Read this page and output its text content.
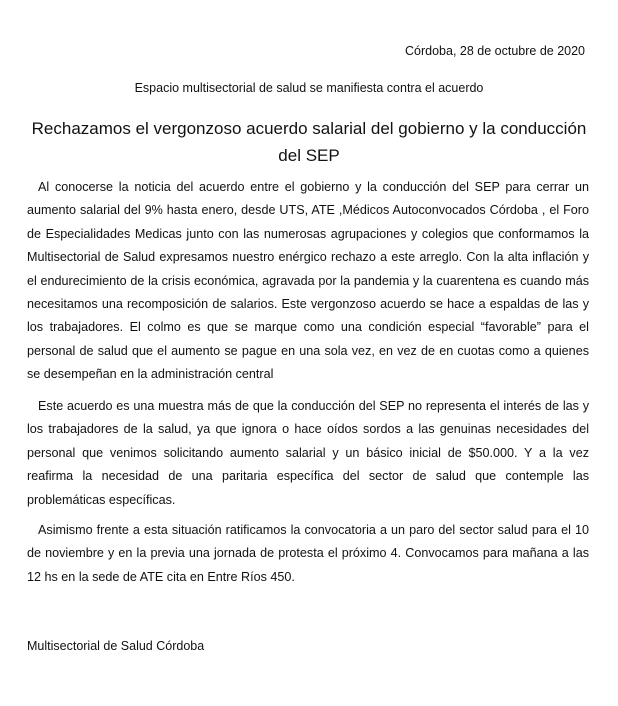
Córdoba, 28 de octubre de 2020
Espacio multisectorial de salud se manifiesta contra el acuerdo
Rechazamos el vergonzoso acuerdo salarial del gobierno y la conducción del SEP

Al conocerse la noticia del acuerdo entre el gobierno y la conducción del SEP para cerrar un aumento salarial del 9% hasta enero, desde UTS, ATE ,Médicos Autoconvocados Córdoba , el Foro de Especialidades Medicas junto con las numerosas agrupaciones y colegios que conformamos la Multisectorial de Salud expresamos nuestro enérgico rechazo a este arreglo. Con la alta inflación y el endurecimiento de la crisis económica, agravada por la pandemia y la cuarentena es cuando más necesitamos una recomposición de salarios. Este vergonzoso acuerdo se hace a espaldas de las y los trabajadores. El colmo es que se marque como una condición especial “favorable” para el personal de salud que el aumento se pague en una sola vez, en vez de en cuotas como a quienes se desempeñan en la administración central

Este acuerdo es una muestra más de que la conducción del SEP no representa el interés de las y los trabajadores de la salud, ya que ignora o hace oídos sordos a las genuinas necesidades del personal que venimos solicitando aumento salarial y un básico inicial de $50.000. Y a la vez reafirma la necesidad de una paritaria específica del sector de salud que contemple las problemáticas específicas.

Asimismo frente a esta situación ratificamos la convocatoria a un paro del sector salud para el 10 de noviembre y en la previa una jornada de protesta el próximo 4. Convocamos para mañana a las 12 hs en la sede de ATE cita en Entre Ríos 450.

Multisectorial de Salud Córdoba
